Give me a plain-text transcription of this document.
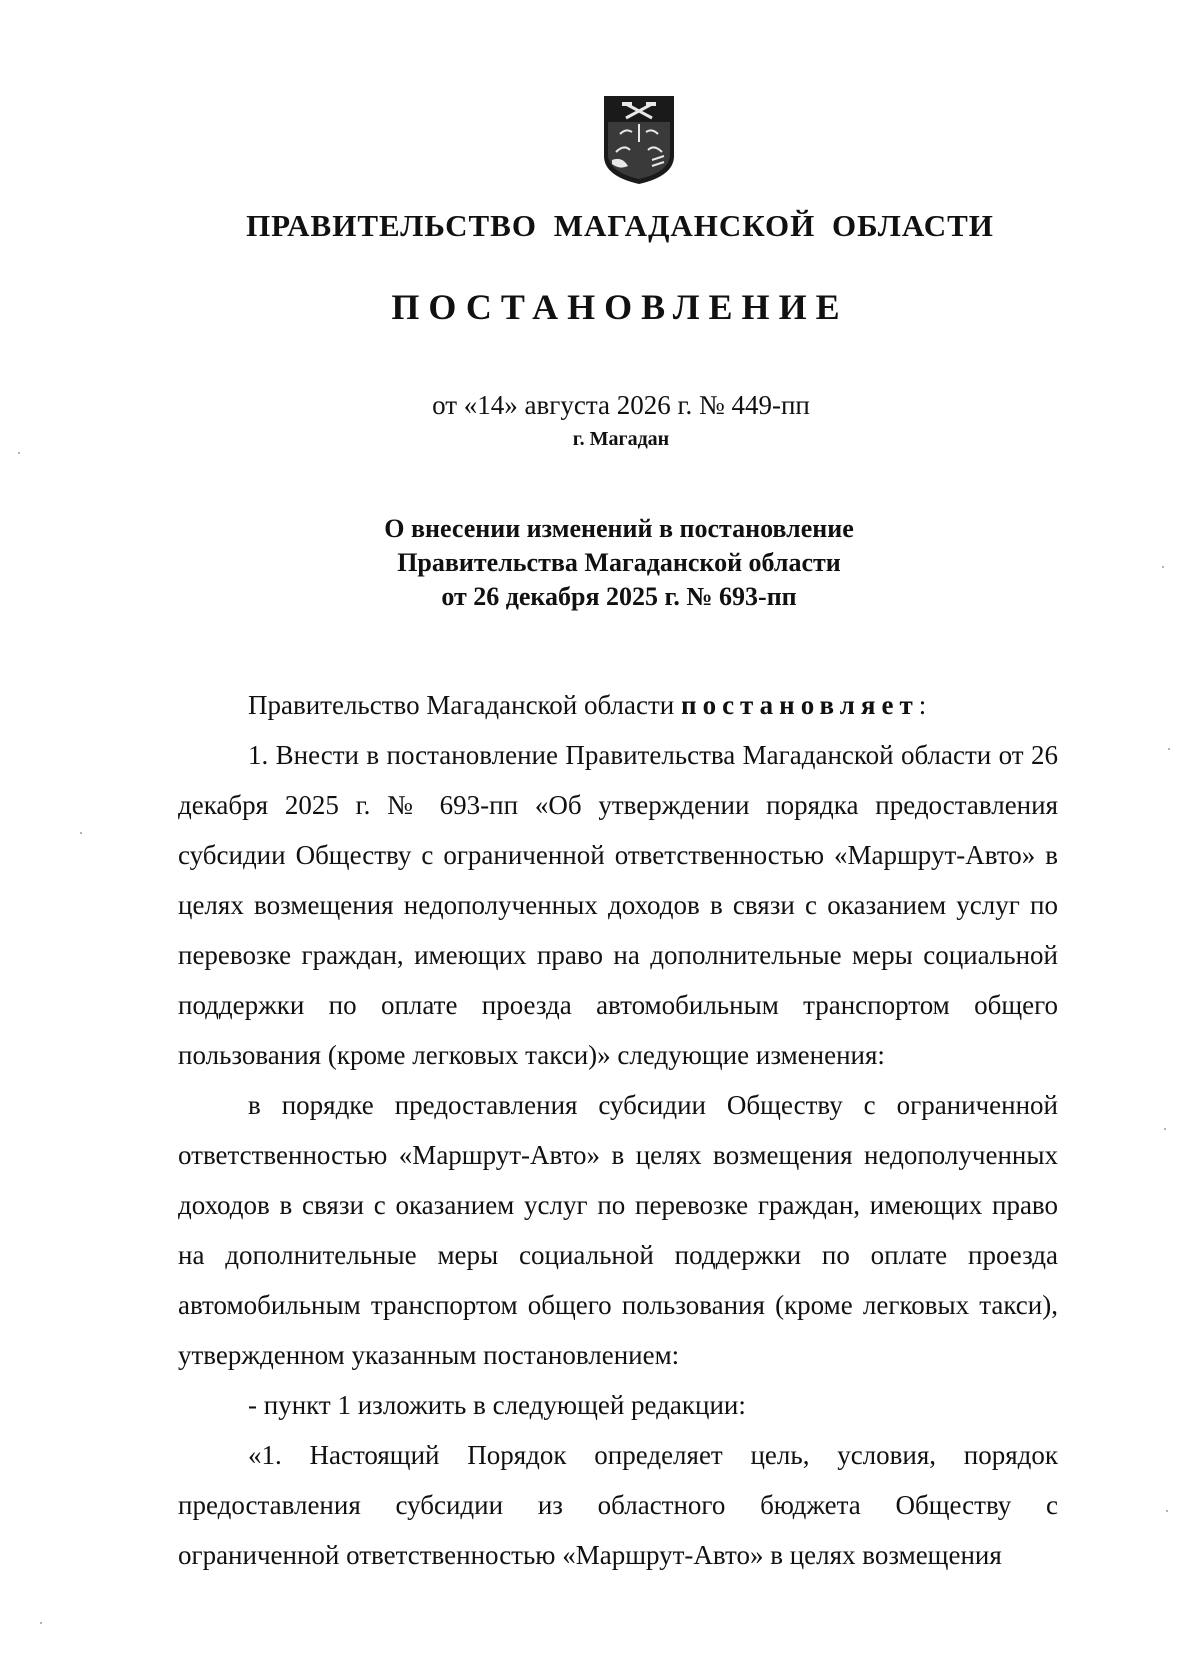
ПРАВИТЕЛЬСТВО МАГАДАНСКОЙ ОБЛАСТИ
ПОСТАНОВЛЕНИЕ
от «14» августа 2026 г. № 449-пп
г. Магадан
О внесении изменений в постановление
Правительства Магаданской области
от 26 декабря 2025 г. № 693-пп

Правительство Магаданской области постановляет:

1. Внести в постановление Правительства Магаданской области от 26 декабря 2025 г. № 693-пп «Об утверждении порядка предоставления субсидии Обществу с ограниченной ответственностью «Маршрут-Авто» в целях возмещения недополученных доходов в связи с оказанием услуг по перевозке граждан, имеющих право на дополнительные меры социальной поддержки по оплате проезда автомобильным транспортом общего пользования (кроме легковых такси)» следующие изменения:

в порядке предоставления субсидии Обществу с ограниченной ответственностью «Маршрут-Авто» в целях возмещения недополученных доходов в связи с оказанием услуг по перевозке граждан, имеющих право на дополнительные меры социальной поддержки по оплате проезда автомобильным транспортом общего пользования (кроме легковых такси), утвержденном указанным постановлением:

- пункт 1 изложить в следующей редакции:

«1. Настоящий Порядок определяет цель, условия, порядок предоставления субсидии из областного бюджета Обществу с ограниченной ответственностью «Маршрут-Авто» в целях возмещения
